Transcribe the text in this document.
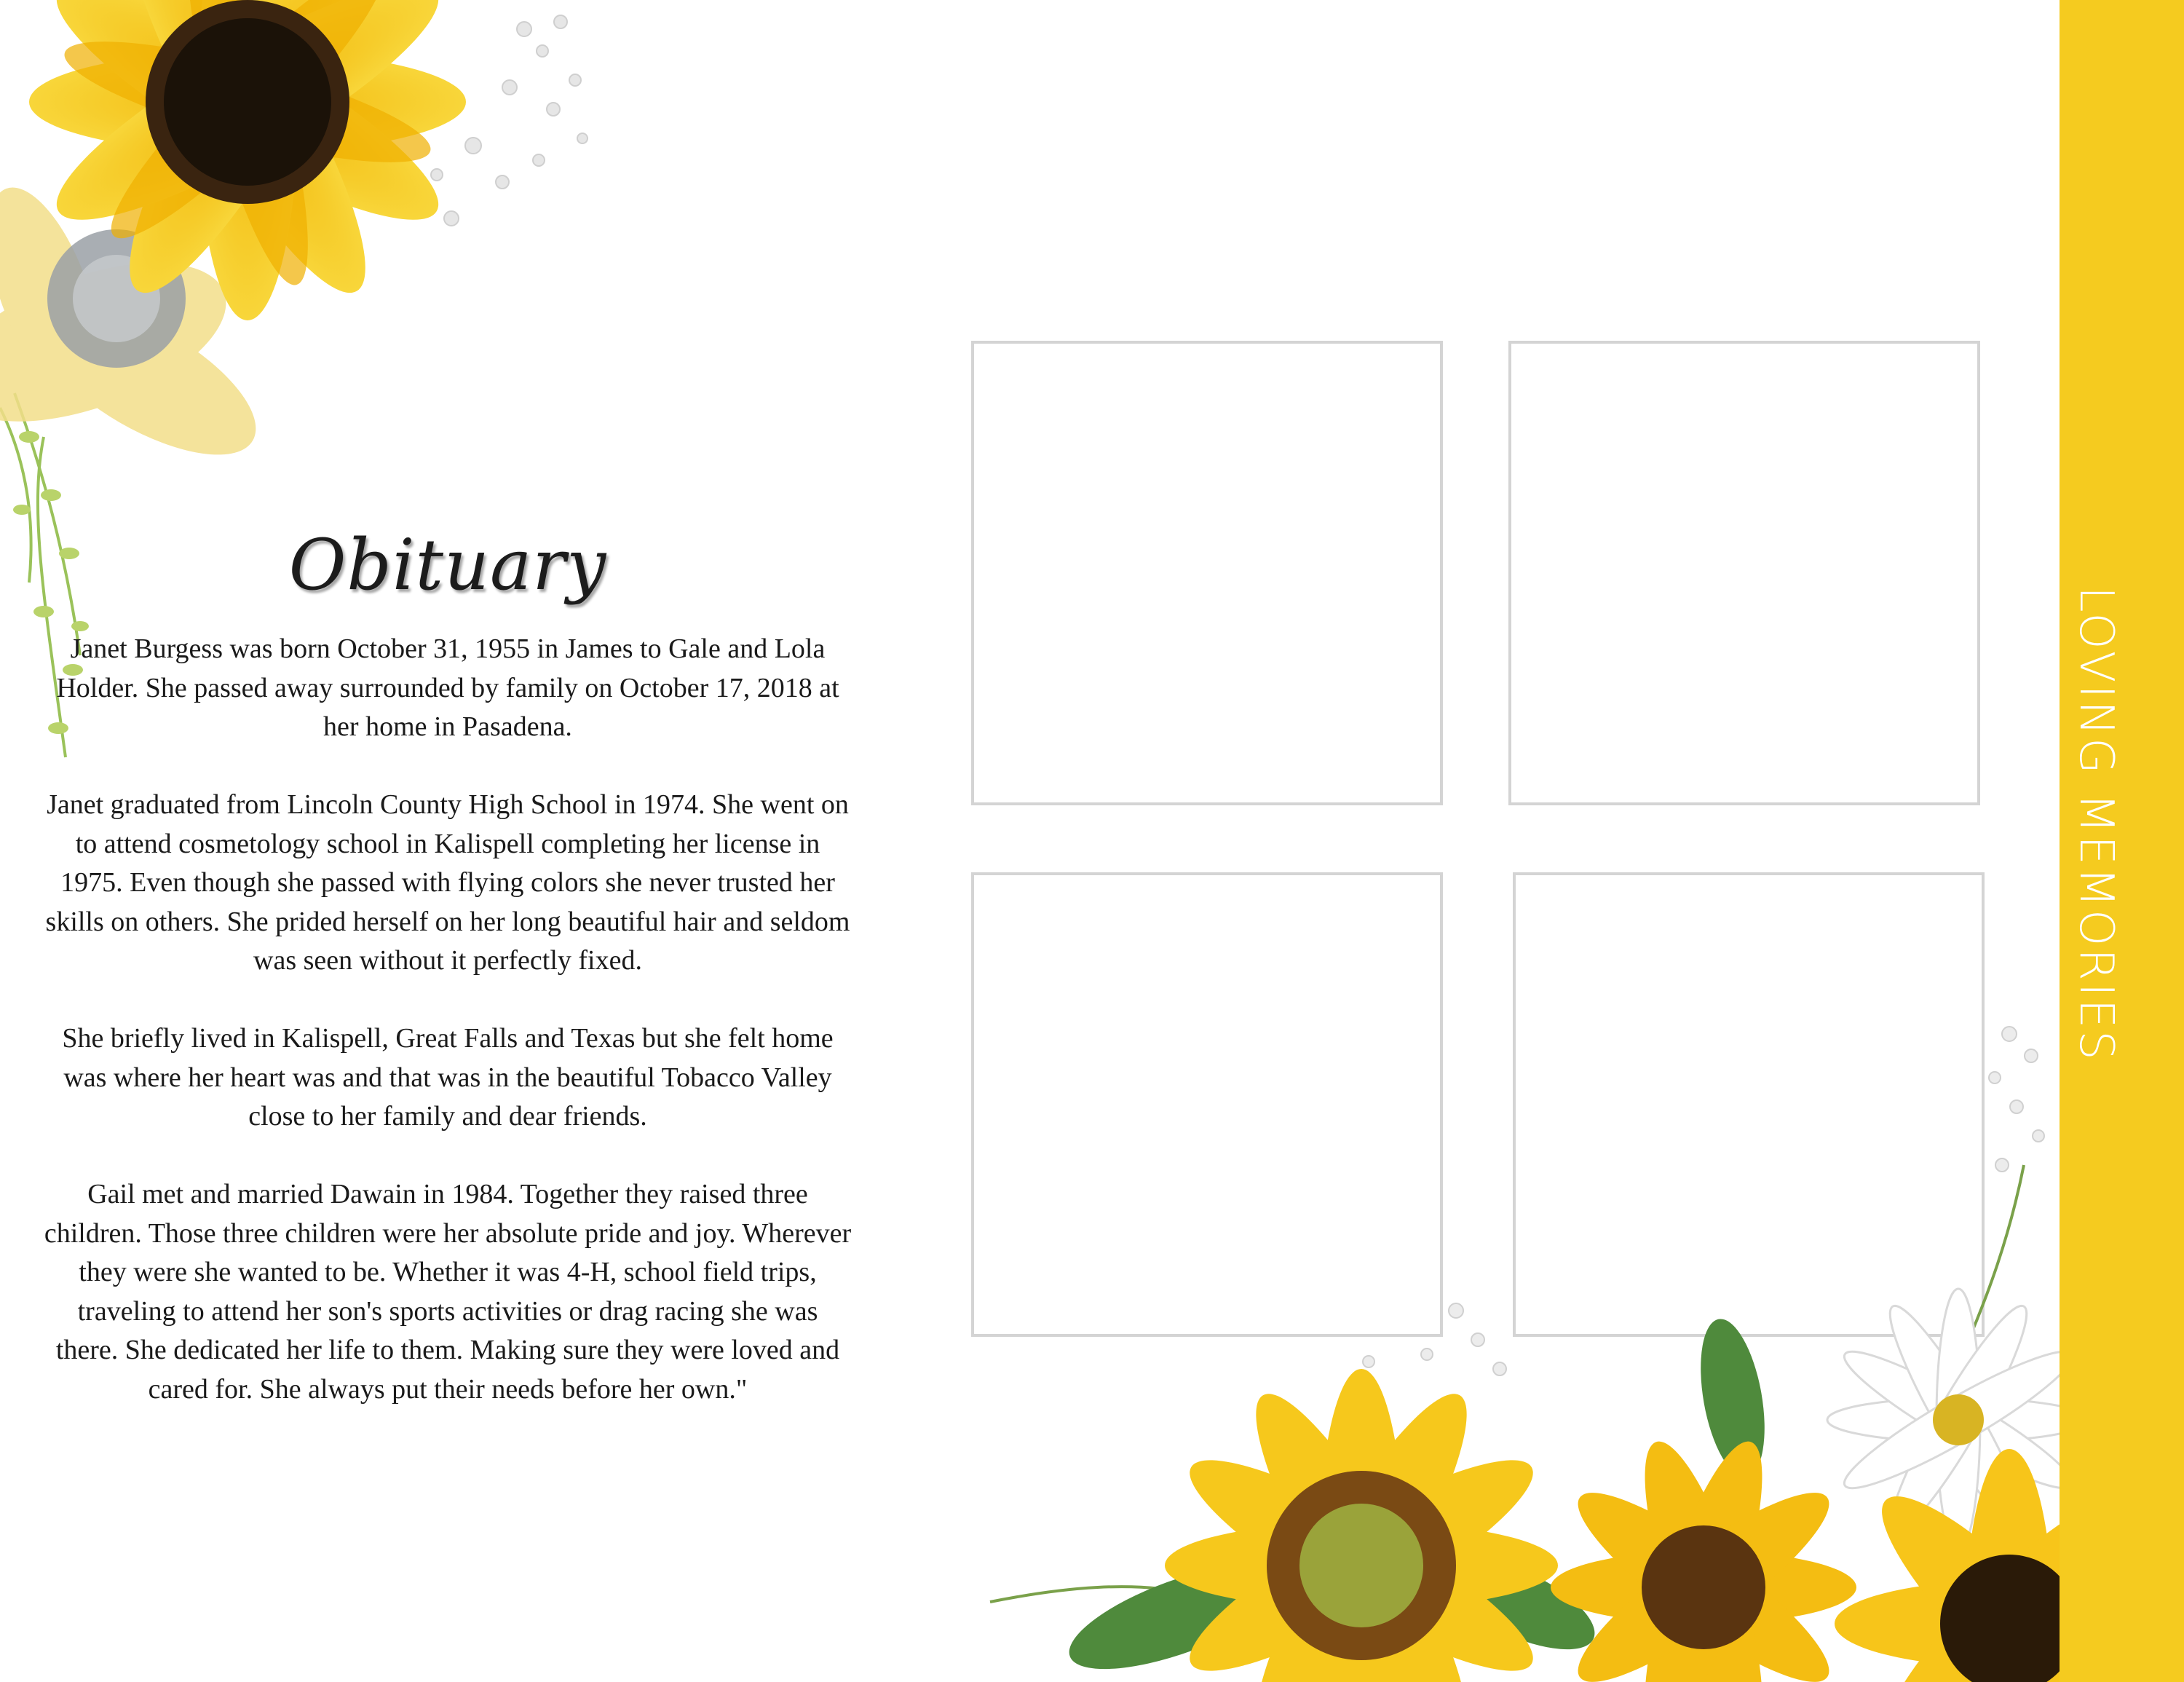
Obituary

Janet Burgess was born October 31, 1955 in James to Gale and Lola Holder. She passed away surrounded by family on October 17, 2018 at her home in Pasadena.

Janet graduated from Lincoln County High School in 1974. She went on to attend cosmetology school in Kalispell completing her license in 1975. Even though she passed with flying colors she never trusted her skills on others. She prided herself on her long beautiful hair and seldom was seen without it perfectly fixed.

She briefly lived in Kalispell, Great Falls and Texas but she felt home was where her heart was and that was in the beautiful Tobacco Valley close to her family and dear friends.

Gail met and married Dawain in 1984. Together they raised three children. Those three children were her absolute pride and joy. Wherever they were she wanted to be. Whether it was 4-H, school field trips, traveling to attend her son's sports activities or drag racing she was there. She dedicated her life to them. Making sure they were loved and cared for. She always put their needs before her own."

LOVING MEMORIES
